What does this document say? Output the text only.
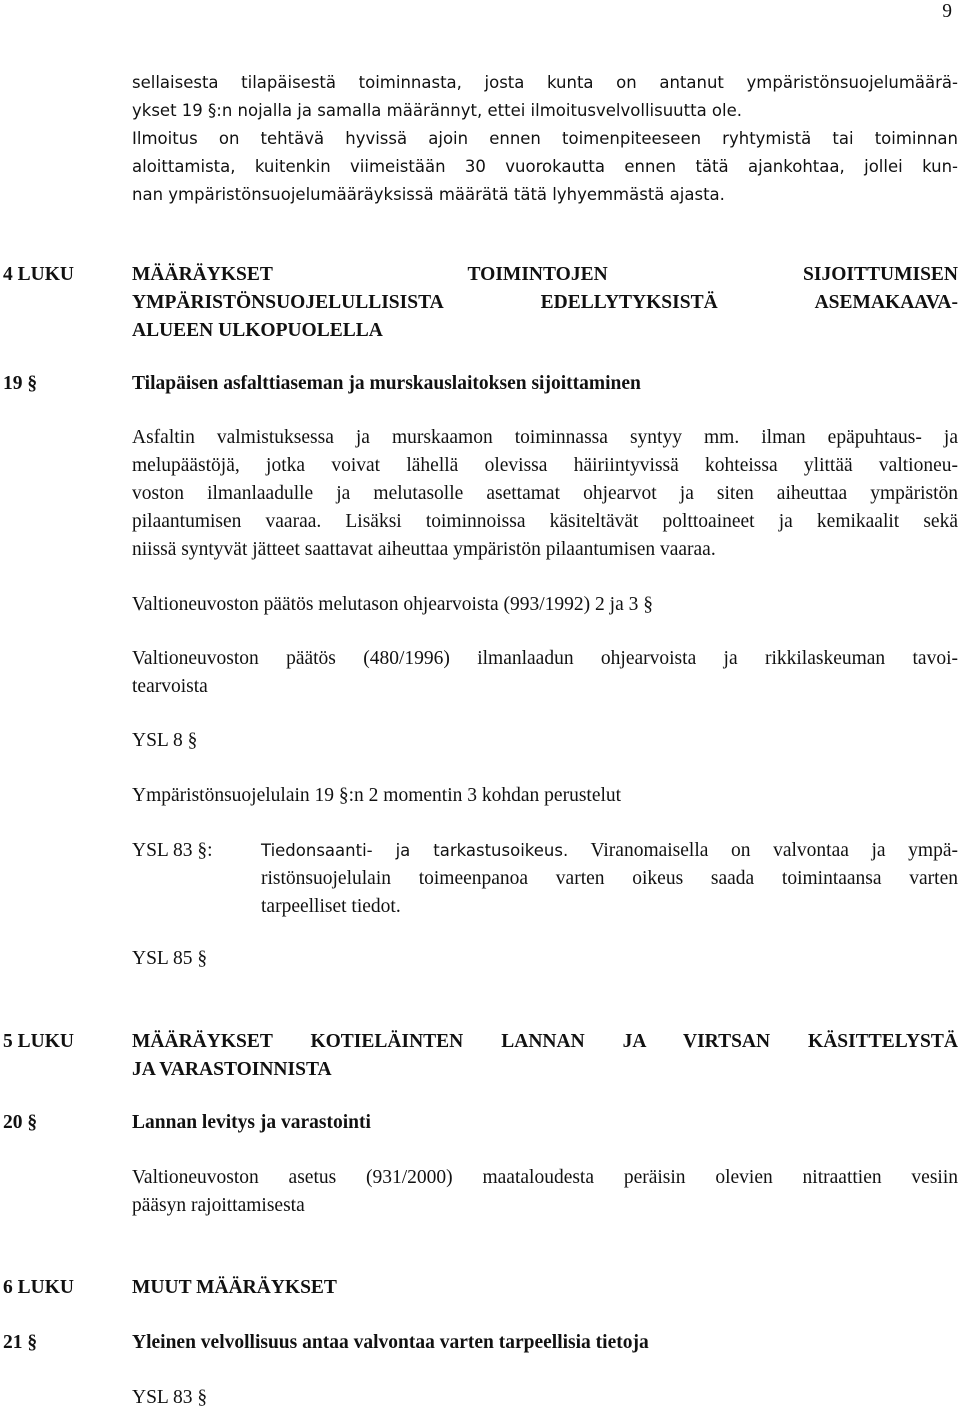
9
sellaisesta tilapäisestä toiminnasta, josta kunta on antanut ympäristönsuojelumäärä-
ykset 19 §:n nojalla ja samalla määrännyt, ettei ilmoitusvelvollisuutta ole.
Ilmoitus on tehtävä hyvissä ajoin ennen toimenpiteeseen ryhtymistä tai toiminnan
aloittamista, kuitenkin viimeistään 30 vuorokautta ennen tätä ajankohtaa, jollei kun-
nan ympäristönsuojelumääräyksissä määrätä tätä lyhyemmästä ajasta.
4 LUKU	MÄÄRÄYKSET TOIMINTOJEN SIJOITTUMISEN
YMPÄRISTÖNSUOJELULLISISTA EDELLYTYKSISTÄ ASEMAKAAVA-
ALUEEN ULKOPUOLELLA
19 §	Tilapäisen asfalttiaseman ja murskauslaitoksen sijoittaminen
Asfaltin valmistuksessa ja murskaamon toiminnassa syntyy mm. ilman epäpuhtaus- ja
melupäästöjä, jotka voivat lähellä olevissa häiriintyvissä kohteissa ylittää valtioneu-
voston ilmanlaadulle ja melutasolle asettamat ohjearvot ja siten aiheuttaa ympäristön
pilaantumisen vaaraa. Lisäksi toiminnoissa käsiteltävät polttoaineet ja kemikaalit sekä
niissä syntyvät jätteet saattavat aiheuttaa ympäristön pilaantumisen vaaraa.
Valtioneuvoston päätös melutason ohjearvoista (993/1992) 2 ja 3 §
Valtioneuvoston päätös (480/1996) ilmanlaadun ohjearvoista ja rikkilaskeuman tavoi-
tearvoista
YSL 8 §
Ympäristönsuojelulain 19 §:n 2 momentin 3 kohdan perustelut
YSL 83 §:	Tiedonsaanti- ja tarkastusoikeus. Viranomaisella on valvontaa ja ympä-
ristönsuojelulain toimeenpanoa varten oikeus saada toimintaansa varten
tarpeelliset tiedot.
YSL 85 §
5 LUKU	MÄÄRÄYKSET KOTIELÄINTEN LANNAN JA VIRTSAN KÄSITTELYSTÄ
JA VARASTOINNISTA
20 §	Lannan levitys ja varastointi
Valtioneuvoston asetus (931/2000) maataloudesta peräisin olevien nitraattien vesiin
pääsyn rajoittamisesta
6 LUKU	MUUT MÄÄRÄYKSET
21 §	Yleinen velvollisuus antaa valvontaa varten tarpeellisia tietoja
YSL 83 §
